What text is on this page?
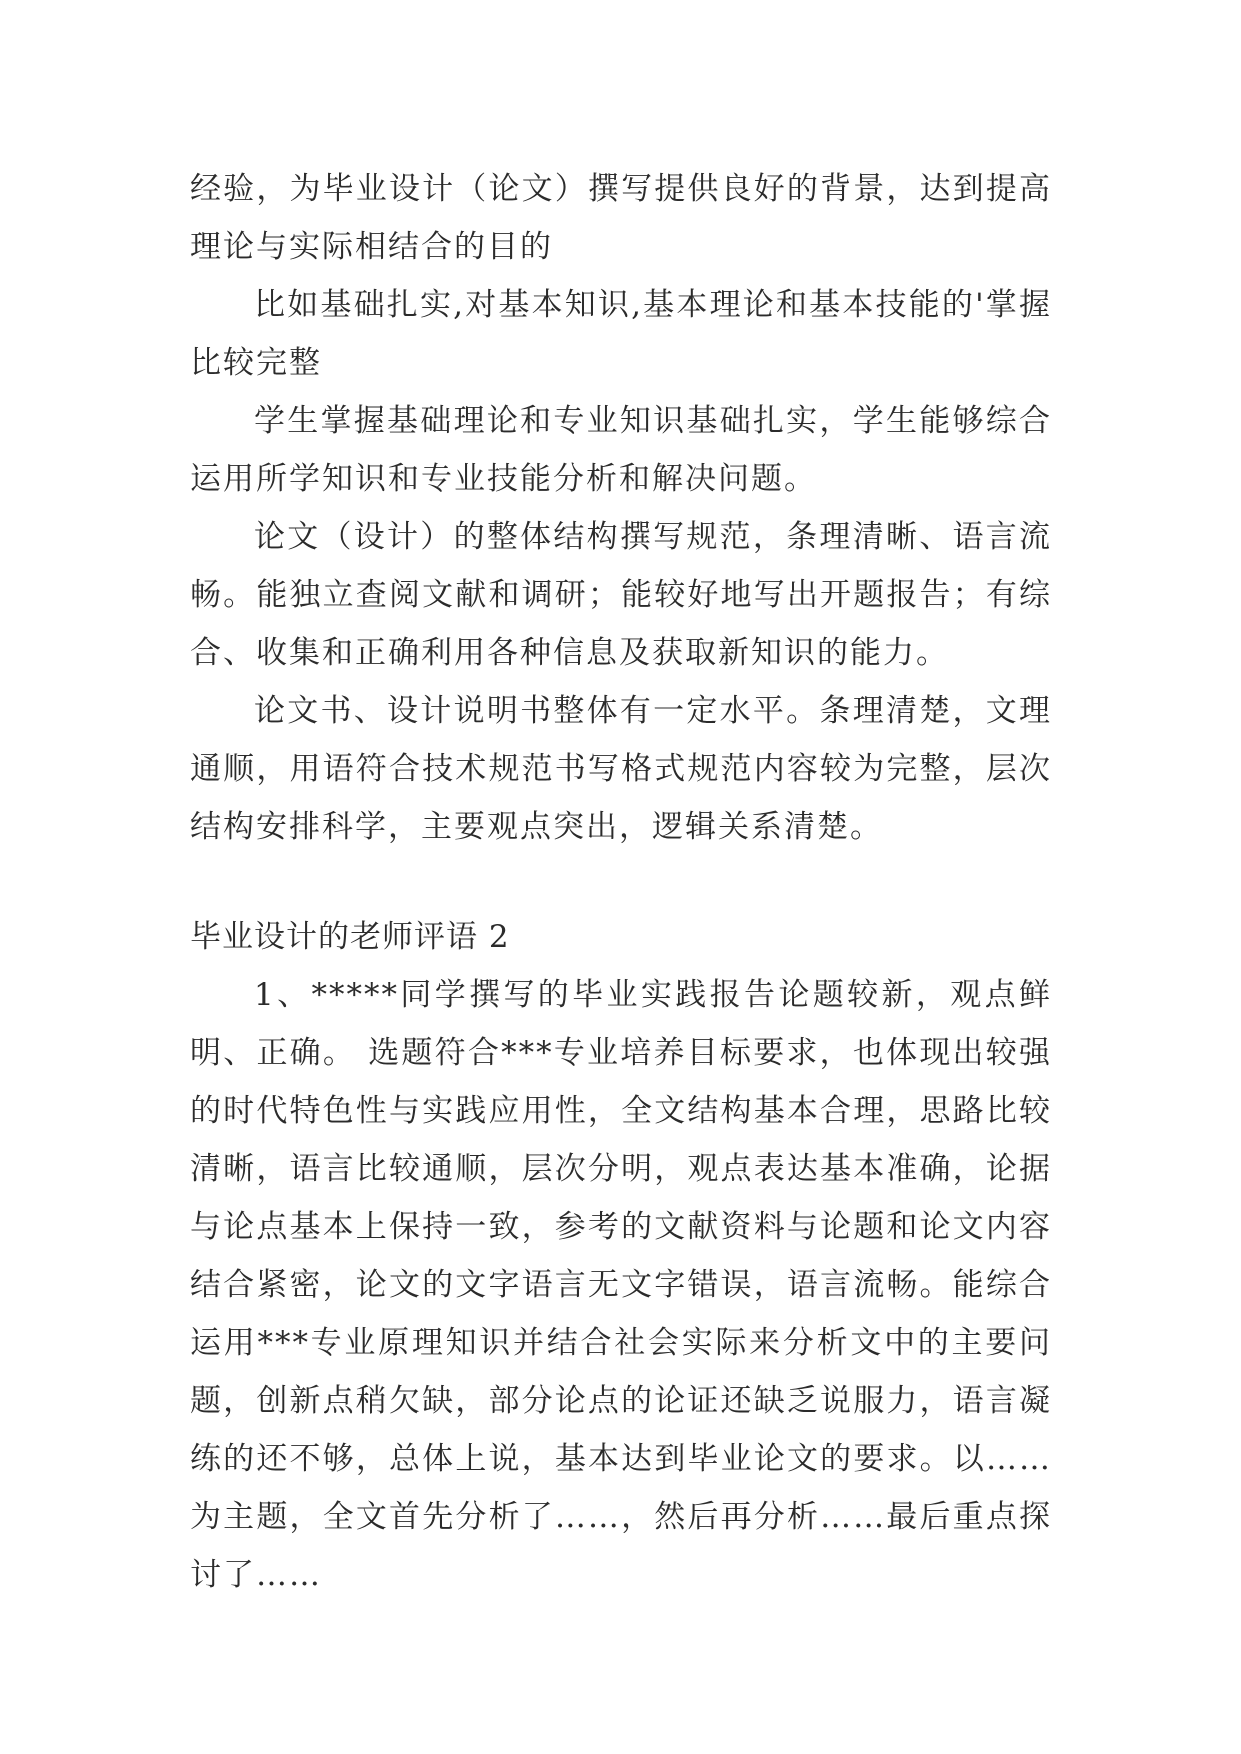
经验，为毕业设计（论文）撰写提供良好的背景，达到提高理论与实际相结合的目的

比如基础扎实,对基本知识,基本理论和基本技能的'掌握比较完整

学生掌握基础理论和专业知识基础扎实，学生能够综合运用所学知识和专业技能分析和解决问题。

论文（设计）的整体结构撰写规范，条理清晰、语言流畅。能独立查阅文献和调研；能较好地写出开题报告；有综合、收集和正确利用各种信息及获取新知识的能力。

论文书、设计说明书整体有一定水平。条理清楚，文理通顺，用语符合技术规范书写格式规范内容较为完整，层次结构安排科学，主要观点突出，逻辑关系清楚。

毕业设计的老师评语 2

1、*****同学撰写的毕业实践报告论题较新，观点鲜明、正确。 选题符合***专业培养目标要求，也体现出较强的时代特色性与实践应用性，全文结构基本合理，思路比较清晰，语言比较通顺，层次分明，观点表达基本准确，论据与论点基本上保持一致，参考的文献资料与论题和论文内容结合紧密，论文的文字语言无文字错误，语言流畅。能综合运用***专业原理知识并结合社会实际来分析文中的主要问题，创新点稍欠缺，部分论点的论证还缺乏说服力，语言凝练的还不够，总体上说，基本达到毕业论文的要求。以……为主题，全文首先分析了……，然后再分析……最后重点探讨了……
